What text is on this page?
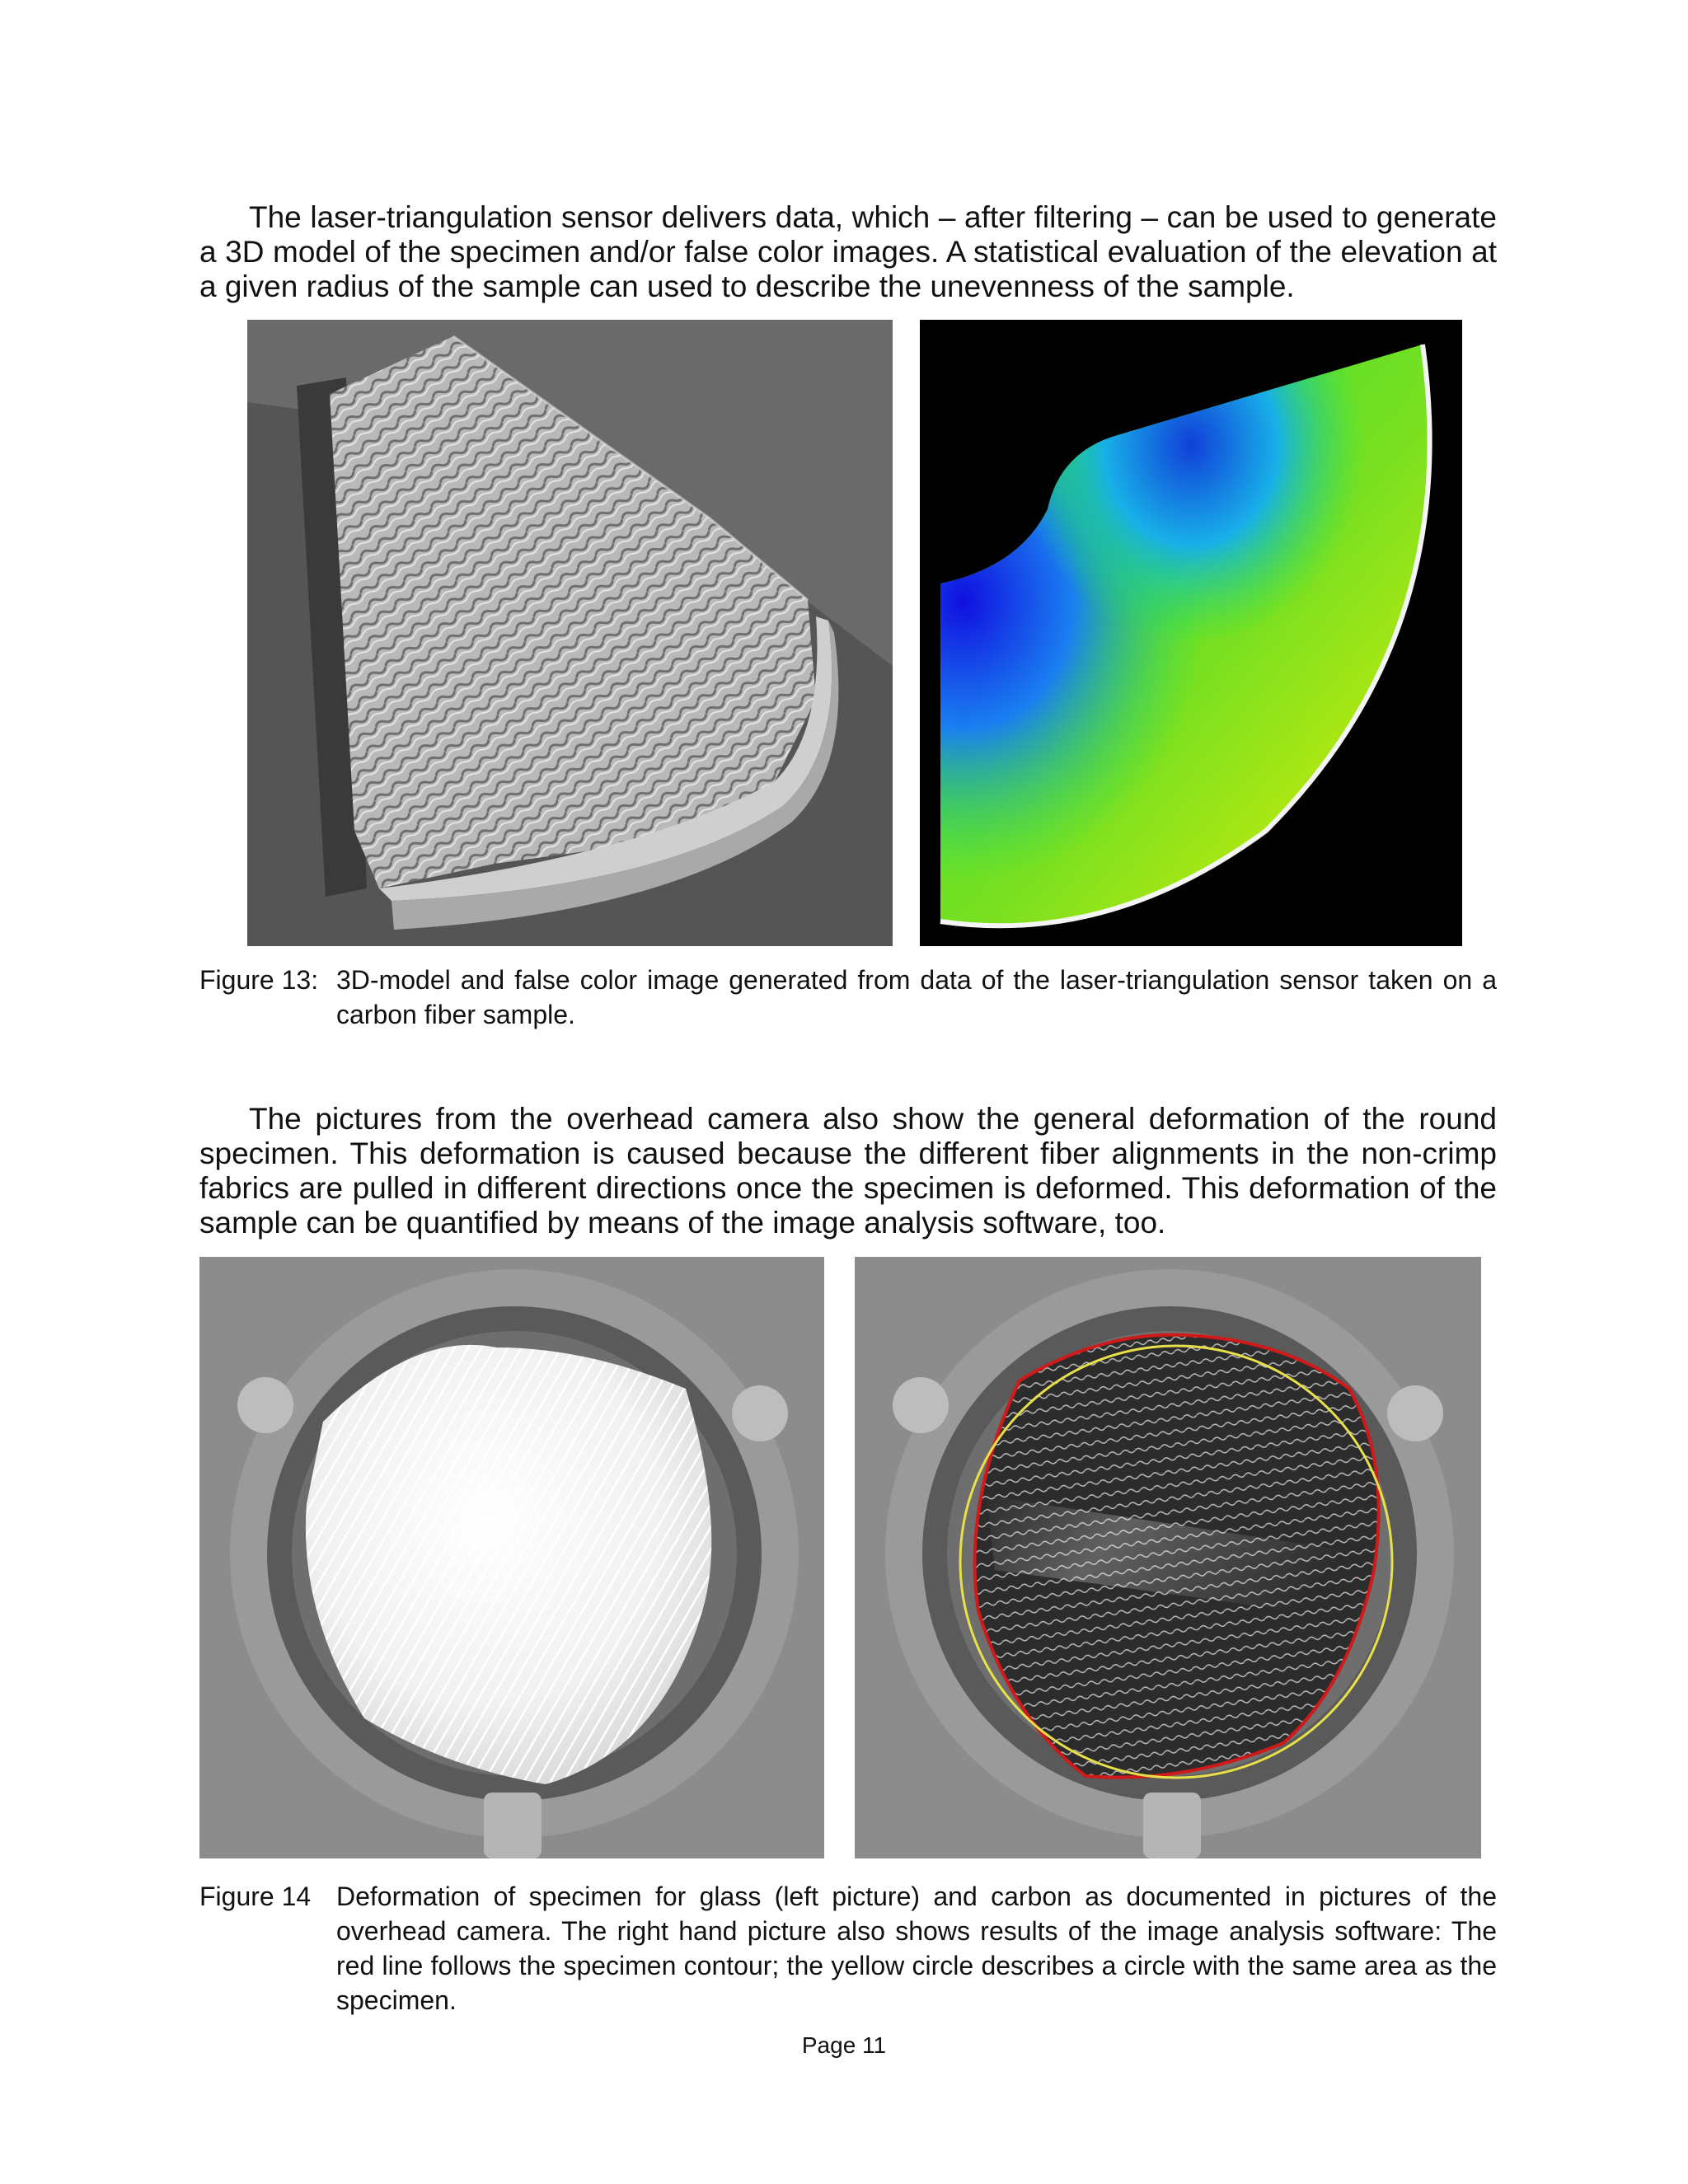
The laser-triangulation sensor delivers data, which – after filtering – can be used to generate a 3D model of the specimen and/or false color images. A statistical evaluation of the elevation at a given radius of the sample can used to describe the unevenness of the sample.

Figure 13: 3D-model and false color image generated from data of the laser-triangulation sensor taken on a carbon fiber sample.

The pictures from the overhead camera also show the general deformation of the round specimen. This deformation is caused because the different fiber alignments in the non-crimp fabrics are pulled in different directions once the specimen is deformed. This deformation of the sample can be quantified by means of the image analysis software, too.

Figure 14 Deformation of specimen for glass (left picture) and carbon as documented in pictures of the overhead camera. The right hand picture also shows results of the image analysis software: The red line follows the specimen contour; the yellow circle describes a circle with the same area as the specimen.
Page 11
